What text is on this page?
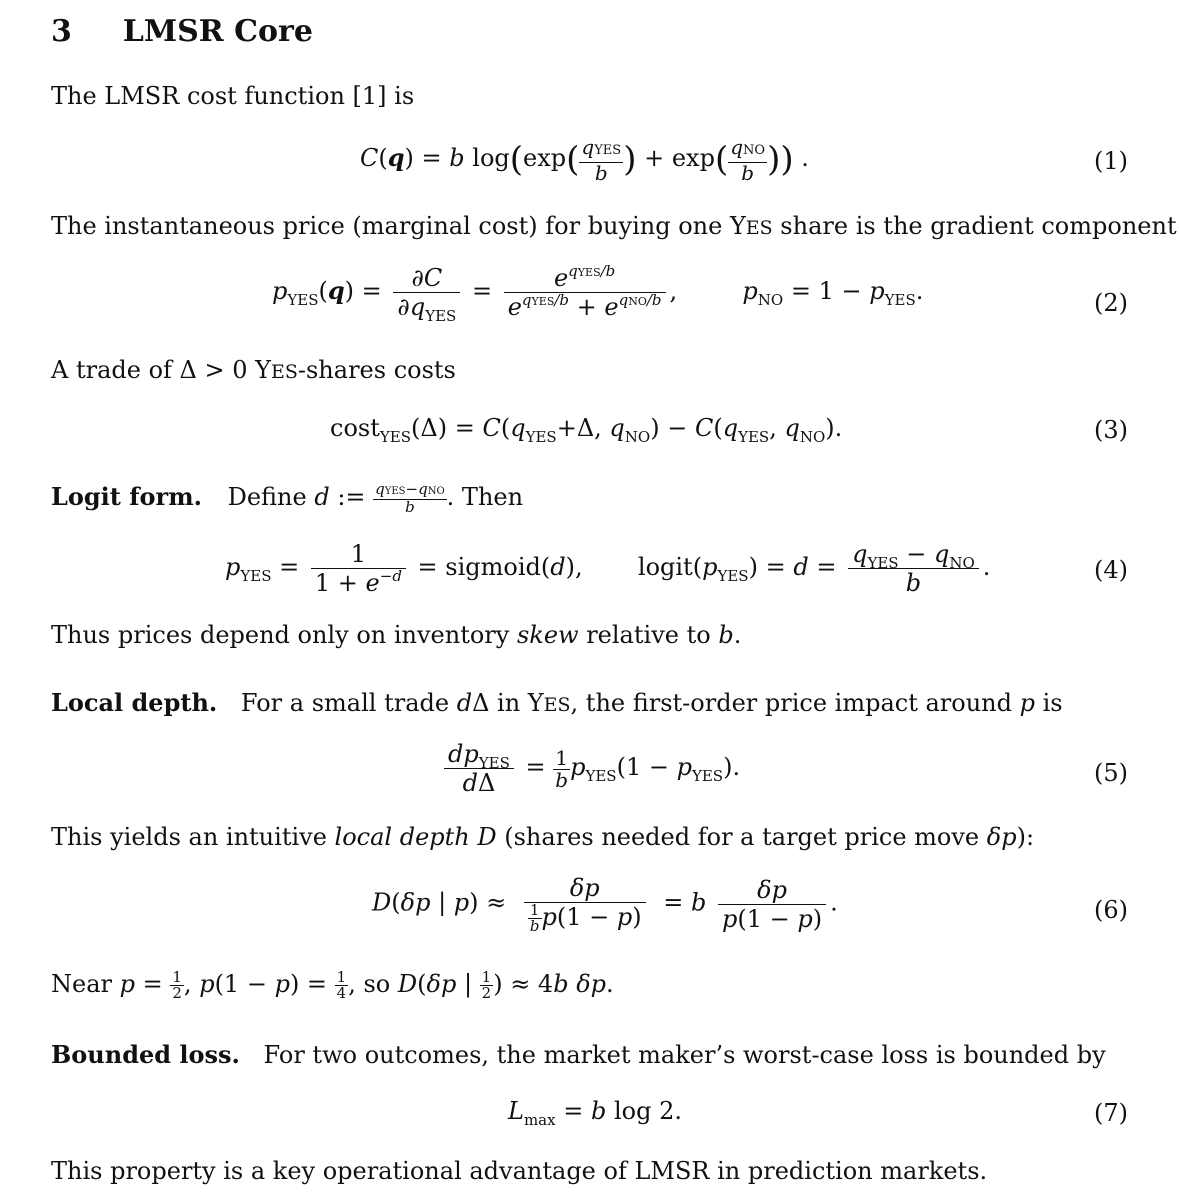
3 LMSR Core
The LMSR cost function [1] is
C(q) = b $\log(\exp( \frac{\text{qYES}}{b}$ ) + $\exp( \frac{\text{qNO}}{b}$ )) .	(1)
The instantaneous price (marginal cost) for buying one YES share is the gradient component
$p_{YES}(q) = \frac{\partial C}{\partial q_{YES}} = \frac{e^{qYES/b}}{e^{qYES/b} + e^{qNO/b}}$ ,  $p_{NO} = 1 - p_{YES}$.	(2)
A trade of Δ > 0 YES-shares costs
$\cos t_{YES}(\Delta) = C(q_{YES}+\Delta$, $q_{NO}) - C(q_{YES}$, $q_{NO}$).	(3)
Logit form. Define d := $\frac{\text{qYES−qNO}}{b}$ . Then
$p_{YES} = \frac{1}{1 + e^{-d}}$ = sigmoid(d),  $logit(p_{YES}) = d = \frac{q_{YES} - q_{NO}}{b}$ .	(4)
Thus prices depend only on inventory skew relative to b.
Local depth. For a small trade dΔ in YES, the first-order price impact around p is
$\frac{dp_{YES}}{d\Delta} = \frac{1}{b} p_{YES}(1 - p_{YES})$.	(5)
This yields an intuitive local depth D (shares needed for a target price move δp):
D(δp | $p) \approx \frac{\delta p}{\frac{1}{b} p(1 - p)} = b \frac{\delta p}{p(1 - p)}$ .	(6)
Near $p = \frac{1}{2}$ , $p(1 - p) = \frac{1}{4}$ , so D(δp | $\frac{1}{2}$ ) ≈ 4b δp.
Bounded loss. For two outcomes, the market maker’s worst-case loss is bounded by
$L_{max} = b$ log 2.	(7)
This property is a key operational advantage of LMSR in prediction markets.
